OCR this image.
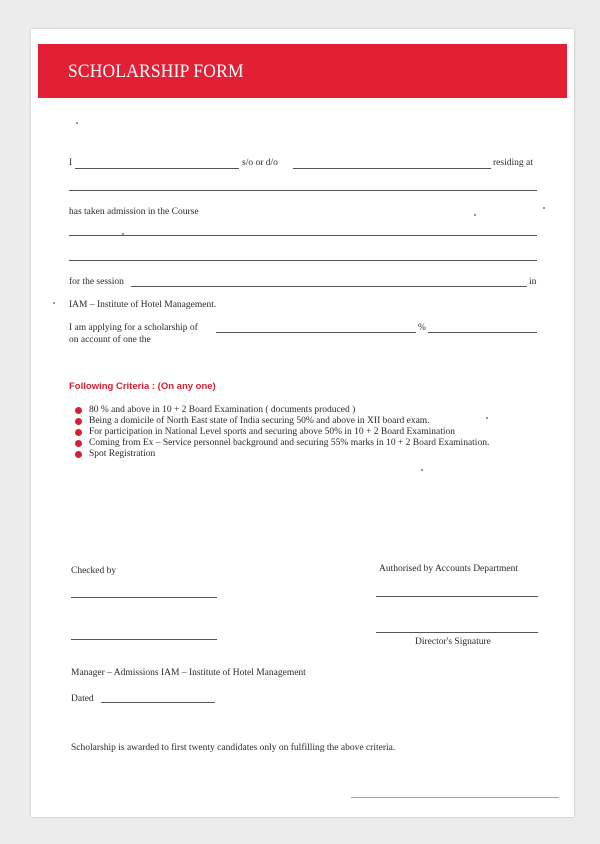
SCHOLARSHIP FORM
I	s/o or d/o	residing at
has taken admission in the Course
for the session	in
IAM – Institute of Hotel Management.
I am applying for a scholarship of	%
on account of one the
Following Criteria : (On any one)
80 % and above in 10 + 2 Board Examination ( documents produced )
Being a domicile of North East state of India securing 50% and above in XII board exam.
For participation in National Level sports and securing above 50% in 10 + 2 Board Examination
Coming from Ex – Service personnel background and securing 55% marks in 10 + 2 Board Examination.
Spot Registration
Checked by	Authorised by Accounts Department
Director's Signature
Manager – Admissions IAM – Institute of Hotel Management
Dated
Scholarship is awarded to first twenty candidates only on fulfilling the above criteria.
